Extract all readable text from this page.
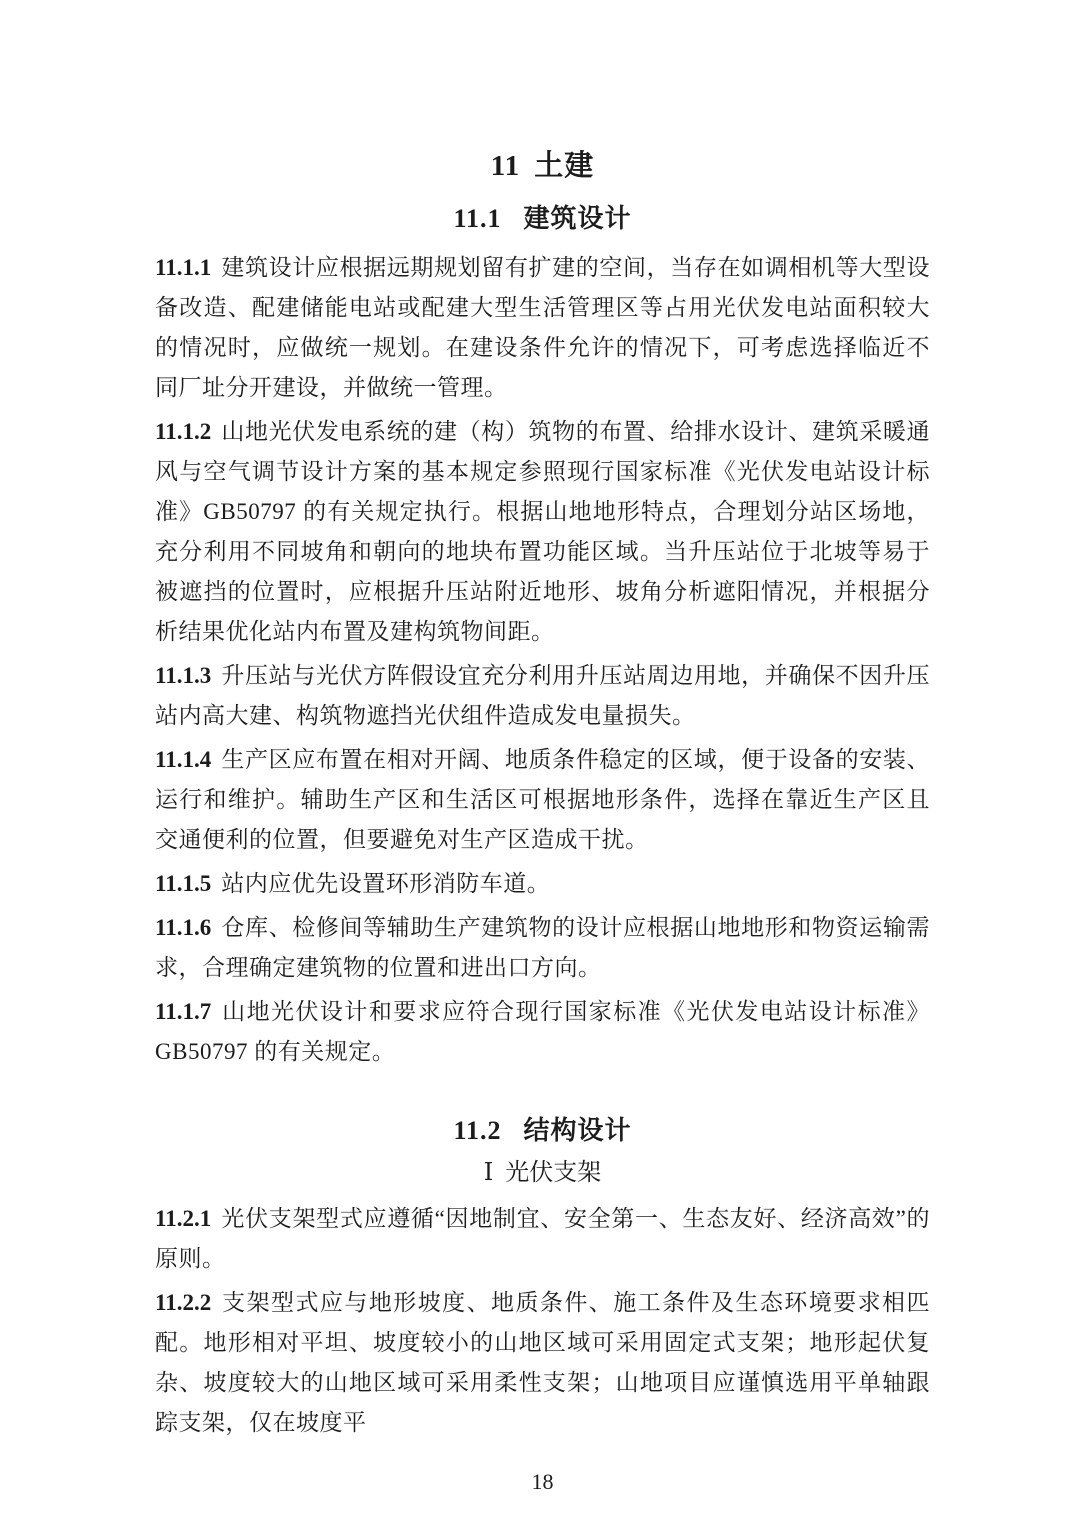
11 土建
11.1 建筑设计

11.1.1 建筑设计应根据远期规划留有扩建的空间，当存在如调相机等大型设备改造、配建储能电站或配建大型生活管理区等占用光伏发电站面积较大的情况时，应做统一规划。在建设条件允许的情况下，可考虑选择临近不同厂址分开建设，并做统一管理。

11.1.2 山地光伏发电系统的建（构）筑物的布置、给排水设计、建筑采暖通风与空气调节设计方案的基本规定参照现行国家标准《光伏发电站设计标准》GB50797 的有关规定执行。根据山地地形特点，合理划分站区场地，充分利用不同坡角和朝向的地块布置功能区域。当升压站位于北坡等易于被遮挡的位置时，应根据升压站附近地形、坡角分析遮阳情况，并根据分析结果优化站内布置及建构筑物间距。

11.1.3 升压站与光伏方阵假设宜充分利用升压站周边用地，并确保不因升压站内高大建、构筑物遮挡光伏组件造成发电量损失。

11.1.4 生产区应布置在相对开阔、地质条件稳定的区域，便于设备的安装、运行和维护。辅助生产区和生活区可根据地形条件，选择在靠近生产区且交通便利的位置，但要避免对生产区造成干扰。

11.1.5 站内应优先设置环形消防车道。

11.1.6 仓库、检修间等辅助生产建筑物的设计应根据山地地形和物资运输需求，合理确定建筑物的位置和进出口方向。

11.1.7 山地光伏设计和要求应符合现行国家标准《光伏发电站设计标准》GB50797 的有关规定。

11.2 结构设计
Ⅰ 光伏支架

11.2.1 光伏支架型式应遵循“因地制宜、安全第一、生态友好、经济高效”的原则。

11.2.2 支架型式应与地形坡度、地质条件、施工条件及生态环境要求相匹配。地形相对平坦、坡度较小的山地区域可采用固定式支架；地形起伏复杂、坡度较大的山地区域可采用柔性支架；山地项目应谨慎选用平单轴跟踪支架，仅在坡度平

18
